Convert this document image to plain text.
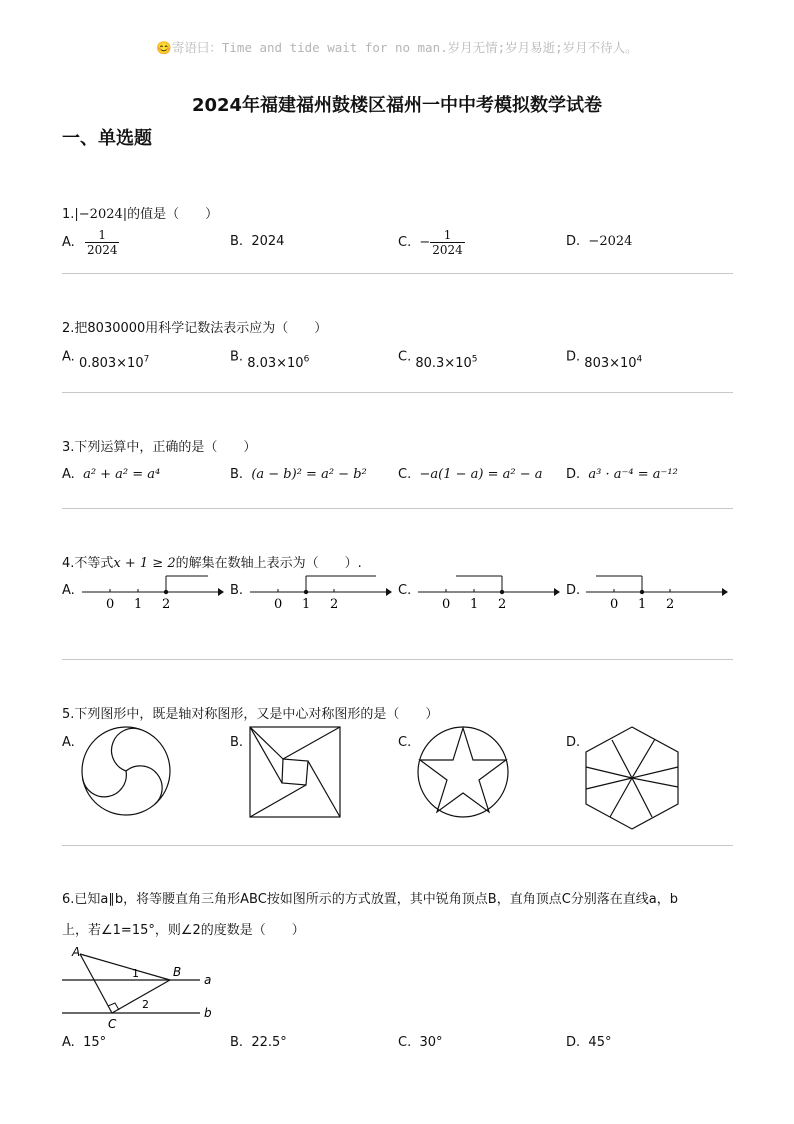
😊寄语曰：Time and tide wait for no man.岁月无情;岁月易逝;岁月不待人。
2024年福建福州鼓楼区福州一中中考模拟数学试卷
一、单选题
1.|−2024|的值是（　　）
A. $\frac{1}{2024}$	B. 2024	C. − $\frac{1}{2024}$	D. −2024
2.把8030000用科学记数法表示应为（　　）
A. $0.803\times 10^7$	B. $8.03\times 10^6$	C. $80.3\times 10^5$	D. $803\times 10^4$
3.下列运算中，正确的是（　　）
A. a² + a² = a⁴	B. (a − b)² = a² − b² C. −a(1 − a) = a² − a D. a³ · a⁻⁴ = a⁻¹²
4.不等式x + 1 ≥ 2的解集在数轴上表示为（　　）.
A.
0 1 2
B.
0 1 2
C.
0 1 2
D.
0 1 2
5.下列图形中，既是轴对称图形，又是中心对称图形的是（　　）
A.	B.	C.	D.
6.已知a∥b，将等腰直角三角形ABC按如图所示的方式放置，其中锐角顶点B，直角顶点C分别落在直线a，b
上，若∠1=15°，则∠2的度数是（　　）
A
B
C
a
b
1
2
A. 15°	B. 22.5°	C. 30°	D. 45°
